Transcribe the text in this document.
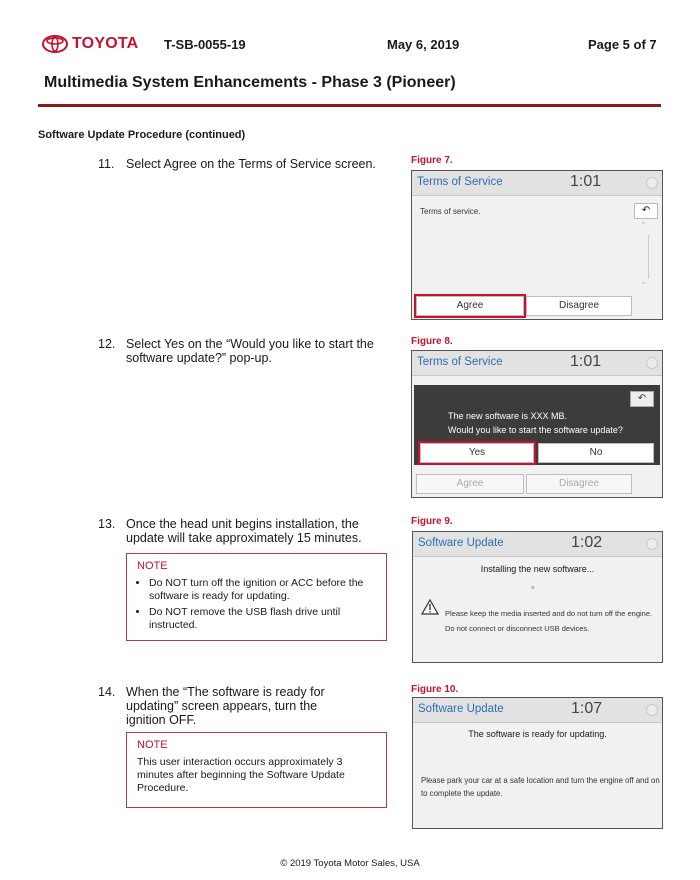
TOYOTA T-SB-0055-19	May 6, 2019	Page 5 of 7
Multimedia System Enhancements - Phase 3 (Pioneer)
Software Update Procedure (continued)
11. Select Agree on the Terms of Service screen.	Figure 7.
Terms of Service	1:01
Terms of service.	↶
ˆ
ˇ
Agree	Disagree
12. Select Yes on the “Would you like to start the software update?” pop-up.
Figure 8.
Terms of Service	1:01
↶
The new software is XXX MB.
Would you like to start the software update?
Yes	No
Agree	Disagree
13. Once the head unit begins installation, the update will take approximately 15 minutes.
NOTE
• Do NOT turn off the ignition or ACC before the software is ready for updating.
• Do NOT remove the USB flash drive until instructed.
Figure 9.
Software Update	1:02
Installing the new software...
∘
Please keep the media inserted and do not turn off the engine.
Do not connect or disconnect USB devices.
14. When the “The software is ready for updating” screen appears, turn the ignition OFF.
NOTE
This user interaction occurs approximately 3 minutes after beginning the Software Update Procedure.
Figure 10.
Software Update	1:07
The software is ready for updating.
Please park your car at a safe location and turn the engine off and on to complete the update.
© 2019 Toyota Motor Sales, USA
